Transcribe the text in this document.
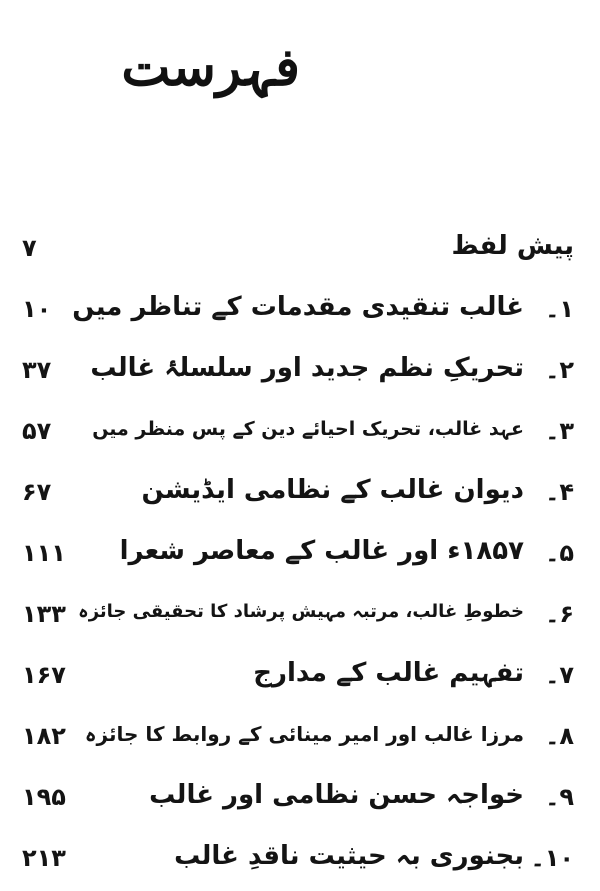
فہرست
پیش لفظ
۷
۱۔
غالب تنقیدی مقدمات کے تناظر میں
۱۰
۲۔
تحریکِ نظم جدید اور سلسلۂ غالب
۳۷
۳۔
عہد غالب، تحریک احیائے دین کے پس منظر میں
۵۷
۴۔
دیوان غالب کے نظامی ایڈیشن
۶۷
۵۔
۱۸۵۷ء اور غالب کے معاصر شعرا
۱۱۱
۶۔
خطوطِ غالب، مرتبہ مہیش پرشاد کا تحقیقی جائزہ
۱۳۳
۷۔
تفہیم غالب کے مدارج
۱۶۷
۸۔
مرزا غالب اور امیر مینائی کے روابط کا جائزہ
۱۸۲
۹۔
خواجہ حسن نظامی اور غالب
۱۹۵
۱۰۔
بجنوری بہ حیثیت ناقدِ غالب
۲۱۳
